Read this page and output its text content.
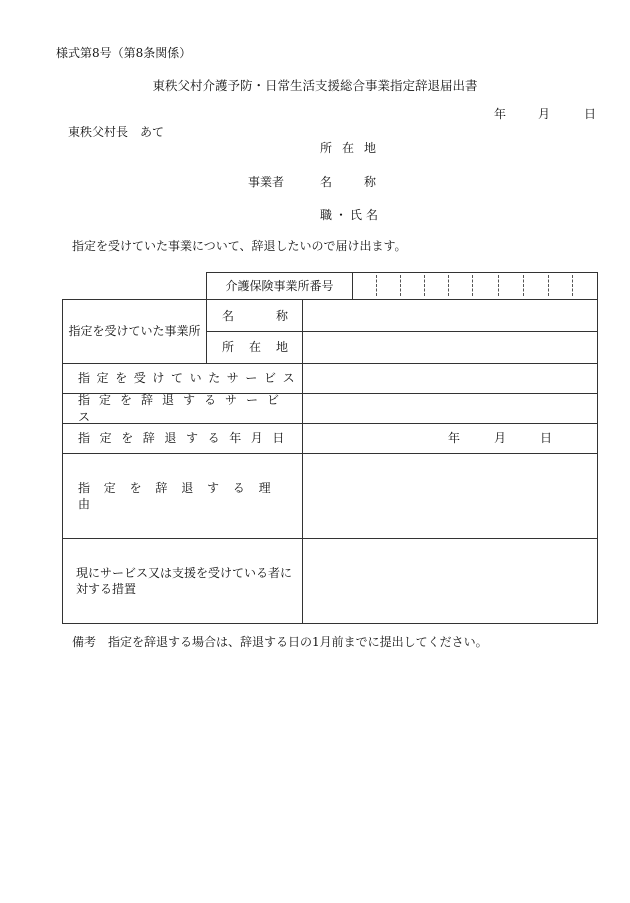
様式第8号（第8条関係）
東秩父村介護予防・日常生活支援総合事業指定辞退届出書
年	月	日
東秩父村長　あて
所 在 地
事業者	名	称
職 ・ 氏 名
指定を受けていた事業について、辞退したいので届け出ます。
介護保険事業所番号
指定を受けていた事業所
名	称
所 在 地
指定を受けていたサービス
指定を辞退するサービス
指定を辞退する年月日	年	月	日
指定を辞退する理由
現にサービス又は支援を受けている者に対する措置
備考　指定を辞退する場合は、辞退する日の1月前までに提出してください。
